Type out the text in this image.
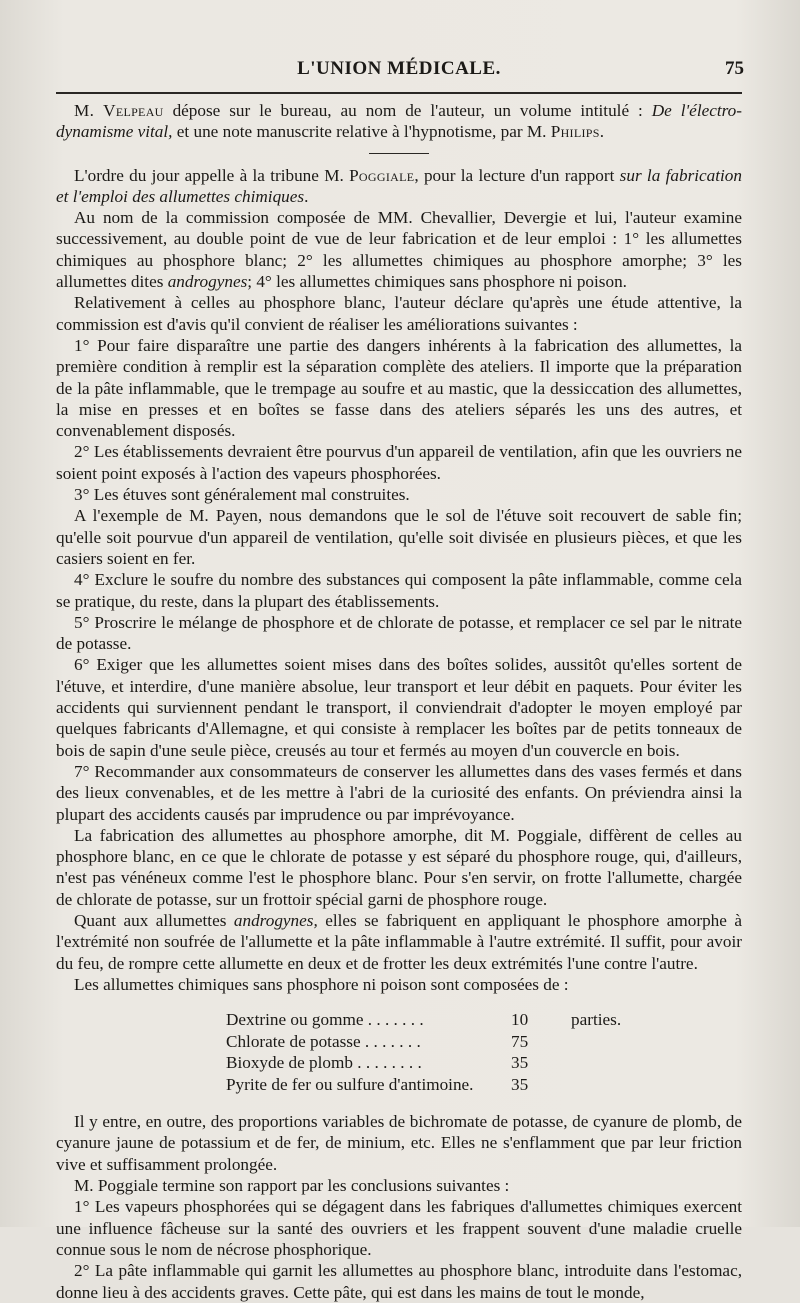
L'UNION MÉDICALE.	75

M. Velpeau dépose sur le bureau, au nom de l'auteur, un volume intitulé : De l'électro-dynamisme vital, et une note manuscrite relative à l'hypnotisme, par M. Philips.

L'ordre du jour appelle à la tribune M. Poggiale, pour la lecture d'un rapport sur la fabrication et l'emploi des allumettes chimiques.

Au nom de la commission composée de MM. Chevallier, Devergie et lui, l'auteur examine successivement, au double point de vue de leur fabrication et de leur emploi : 1° les allumettes chimiques au phosphore blanc; 2° les allumettes chimiques au phosphore amorphe; 3° les allumettes dites androgynes; 4° les allumettes chimiques sans phosphore ni poison.

Relativement à celles au phosphore blanc, l'auteur déclare qu'après une étude attentive, la commission est d'avis qu'il convient de réaliser les améliorations suivantes :

1° Pour faire disparaître une partie des dangers inhérents à la fabrication des allumettes, la première condition à remplir est la séparation complète des ateliers. Il importe que la préparation de la pâte inflammable, que le trempage au soufre et au mastic, que la dessiccation des allumettes, la mise en presses et en boîtes se fasse dans des ateliers séparés les uns des autres, et convenablement disposés.

2° Les établissements devraient être pourvus d'un appareil de ventilation, afin que les ouvriers ne soient point exposés à l'action des vapeurs phosphorées.

3° Les étuves sont généralement mal construites.

A l'exemple de M. Payen, nous demandons que le sol de l'étuve soit recouvert de sable fin; qu'elle soit pourvue d'un appareil de ventilation, qu'elle soit divisée en plusieurs pièces, et que les casiers soient en fer.

4° Exclure le soufre du nombre des substances qui composent la pâte inflammable, comme cela se pratique, du reste, dans la plupart des établissements.

5° Proscrire le mélange de phosphore et de chlorate de potasse, et remplacer ce sel par le nitrate de potasse.

6° Exiger que les allumettes soient mises dans des boîtes solides, aussitôt qu'elles sortent de l'étuve, et interdire, d'une manière absolue, leur transport et leur débit en paquets. Pour éviter les accidents qui surviennent pendant le transport, il conviendrait d'adopter le moyen employé par quelques fabricants d'Allemagne, et qui consiste à remplacer les boîtes par de petits tonneaux de bois de sapin d'une seule pièce, creusés au tour et fermés au moyen d'un couvercle en bois.

7° Recommander aux consommateurs de conserver les allumettes dans des vases fermés et dans des lieux convenables, et de les mettre à l'abri de la curiosité des enfants. On préviendra ainsi la plupart des accidents causés par imprudence ou par imprévoyance.

La fabrication des allumettes au phosphore amorphe, dit M. Poggiale, diffèrent de celles au phosphore blanc, en ce que le chlorate de potasse y est séparé du phosphore rouge, qui, d'ailleurs, n'est pas vénéneux comme l'est le phosphore blanc. Pour s'en servir, on frotte l'allumette, chargée de chlorate de potasse, sur un frottoir spécial garni de phosphore rouge.

Quant aux allumettes androgynes, elles se fabriquent en appliquant le phosphore amorphe à l'extrémité non soufrée de l'allumette et la pâte inflammable à l'autre extrémité. Il suffit, pour avoir du feu, de rompre cette allumette en deux et de frotter les deux extrémités l'une contre l'autre.

Les allumettes chimiques sans phosphore ni poison sont composées de :

Dextrine ou gomme . . . . . . .	10	parties.
Chlorate de potasse . . . . . . .	75
Bioxyde de plomb . . . . . . . .	35
Pyrite de fer ou sulfure d'antimoine.	35

Il y entre, en outre, des proportions variables de bichromate de potasse, de cyanure de plomb, de cyanure jaune de potassium et de fer, de minium, etc. Elles ne s'enflamment que par leur friction vive et suffisamment prolongée.

M. Poggiale termine son rapport par les conclusions suivantes :

1° Les vapeurs phosphorées qui se dégagent dans les fabriques d'allumettes chimiques exercent une influence fâcheuse sur la santé des ouvriers et les frappent souvent d'une maladie cruelle connue sous le nom de nécrose phosphorique.

2° La pâte inflammable qui garnit les allumettes au phosphore blanc, introduite dans l'estomac, donne lieu à des accidents graves. Cette pâte, qui est dans les mains de tout le monde,
